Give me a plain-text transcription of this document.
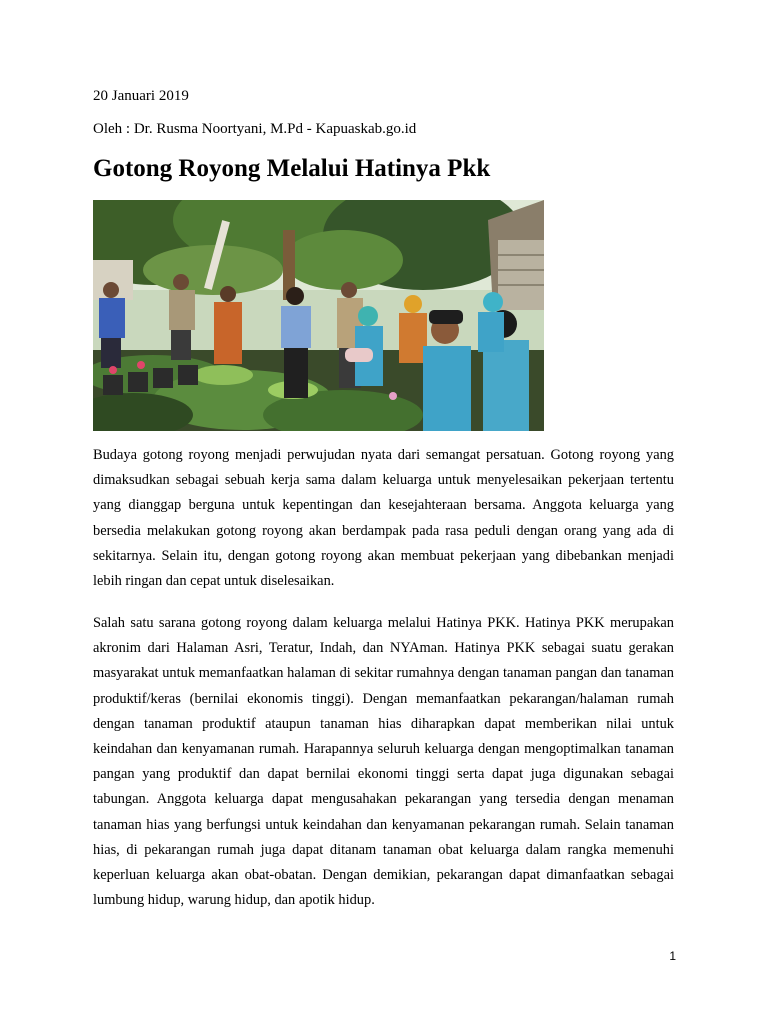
20 Januari 2019
Oleh : Dr. Rusma Noortyani, M.Pd - Kapuaskab.go.id
Gotong Royong Melalui Hatinya Pkk

Budaya gotong royong menjadi perwujudan nyata dari semangat persatuan. Gotong royong yang dimaksudkan sebagai sebuah kerja sama dalam keluarga untuk menyelesaikan pekerjaan tertentu yang dianggap berguna untuk kepentingan dan kesejahteraan bersama. Anggota keluarga yang bersedia melakukan gotong royong akan berdampak pada rasa peduli dengan orang yang ada di sekitarnya. Selain itu, dengan gotong royong akan membuat pekerjaan yang dibebankan menjadi lebih ringan dan cepat untuk diselesaikan.

Salah satu sarana gotong royong dalam keluarga melalui Hatinya PKK. Hatinya PKK merupakan akronim dari Halaman Asri, Teratur, Indah, dan NYAman. Hatinya PKK sebagai suatu gerakan masyarakat untuk memanfaatkan halaman di sekitar rumahnya dengan tanaman pangan dan tanaman produktif/keras (bernilai ekonomis tinggi). Dengan memanfaatkan pekarangan/halaman rumah dengan tanaman produktif ataupun tanaman hias diharapkan dapat memberikan nilai untuk keindahan dan kenyamanan rumah. Harapannya seluruh keluarga dengan mengoptimalkan tanaman pangan yang produktif dan dapat bernilai ekonomi tinggi serta dapat juga digunakan sebagai tabungan. Anggota keluarga dapat mengusahakan pekarangan yang tersedia dengan menaman tanaman hias yang berfungsi untuk keindahan dan kenyamanan pekarangan rumah. Selain tanaman hias, di pekarangan rumah juga dapat ditanam tanaman obat keluarga dalam rangka memenuhi keperluan keluarga akan obat-obatan. Dengan demikian, pekarangan dapat dimanfaatkan sebagai lumbung hidup, warung hidup, dan apotik hidup.

1
